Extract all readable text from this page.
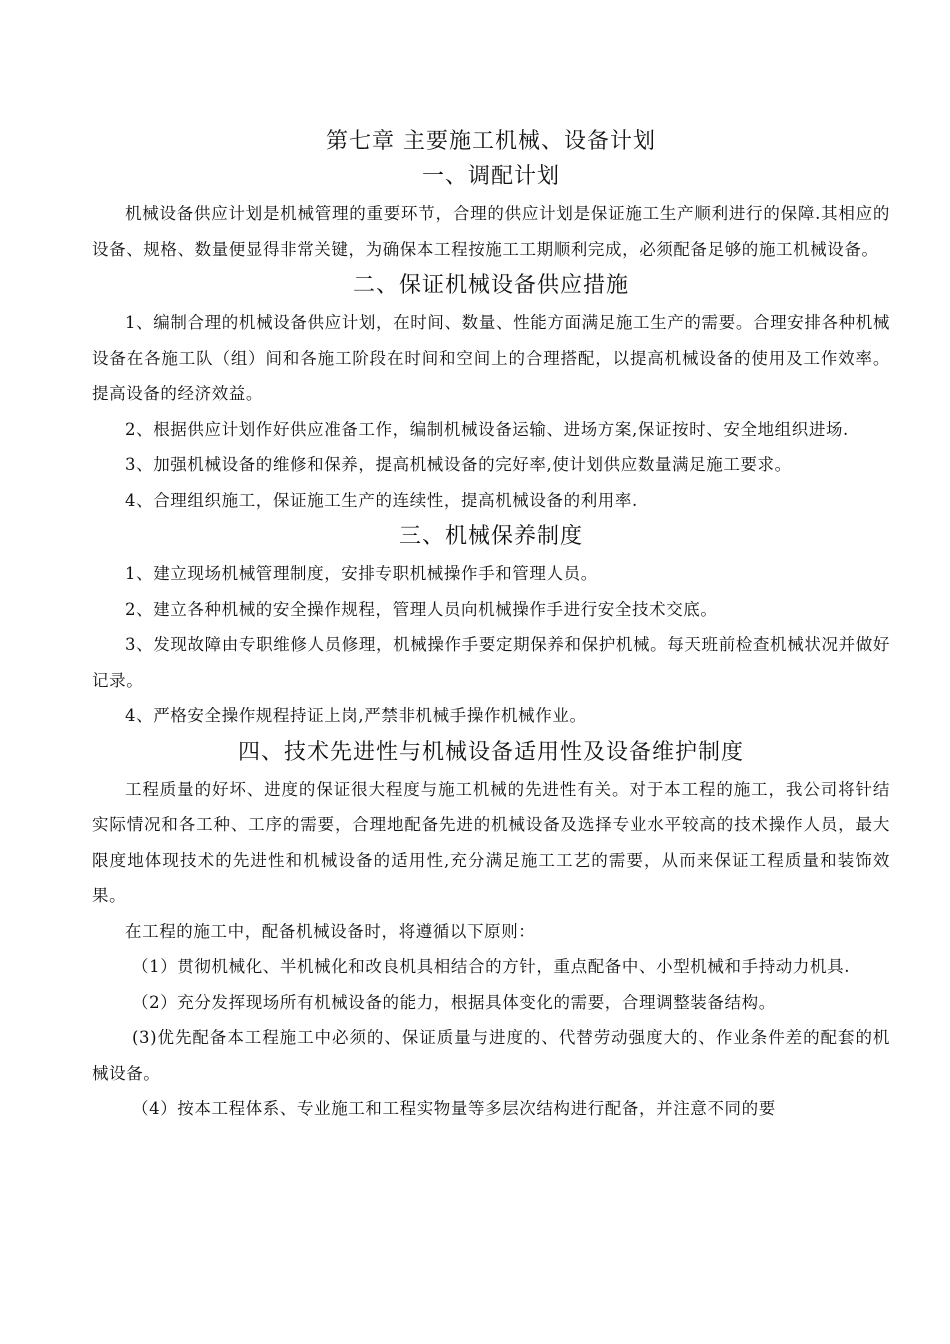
第七章 主要施工机械、设备计划
一、调配计划

机械设备供应计划是机械管理的重要环节，合理的供应计划是保证施工生产顺利进行的保障.其相应的设备、规格、数量便显得非常关键，为确保本工程按施工工期顺利完成，必须配备足够的施工机械设备。

二、保证机械设备供应措施

1、编制合理的机械设备供应计划，在时间、数量、性能方面满足施工生产的需要。合理安排各种机械设备在各施工队（组）间和各施工阶段在时间和空间上的合理搭配，以提高机械设备的使用及工作效率。提高设备的经济效益。

2、根据供应计划作好供应准备工作，编制机械设备运输、进场方案,保证按时、安全地组织进场.

3、加强机械设备的维修和保养，提高机械设备的完好率,使计划供应数量满足施工要求。

4、合理组织施工，保证施工生产的连续性，提高机械设备的利用率.

三、机械保养制度

1、建立现场机械管理制度，安排专职机械操作手和管理人员。

2、建立各种机械的安全操作规程，管理人员向机械操作手进行安全技术交底。

3、发现故障由专职维修人员修理，机械操作手要定期保养和保护机械。每天班前检查机械状况并做好记录。

4、严格安全操作规程持证上岗,严禁非机械手操作机械作业。

四、技术先进性与机械设备适用性及设备维护制度

工程质量的好坏、进度的保证很大程度与施工机械的先进性有关。对于本工程的施工，我公司将针结实际情况和各工种、工序的需要，合理地配备先进的机械设备及选择专业水平较高的技术操作人员，最大限度地体现技术的先进性和机械设备的适用性,充分满足施工工艺的需要，从而来保证工程质量和装饰效果。

在工程的施工中，配备机械设备时，将遵循以下原则：

（1）贯彻机械化、半机械化和改良机具相结合的方针，重点配备中、小型机械和手持动力机具.

（2）充分发挥现场所有机械设备的能力，根据具体变化的需要，合理调整装备结构。

(3)优先配备本工程施工中必须的、保证质量与进度的、代替劳动强度大的、作业条件差的配套的机械设备。

（4）按本工程体系、专业施工和工程实物量等多层次结构进行配备，并注意不同的要
